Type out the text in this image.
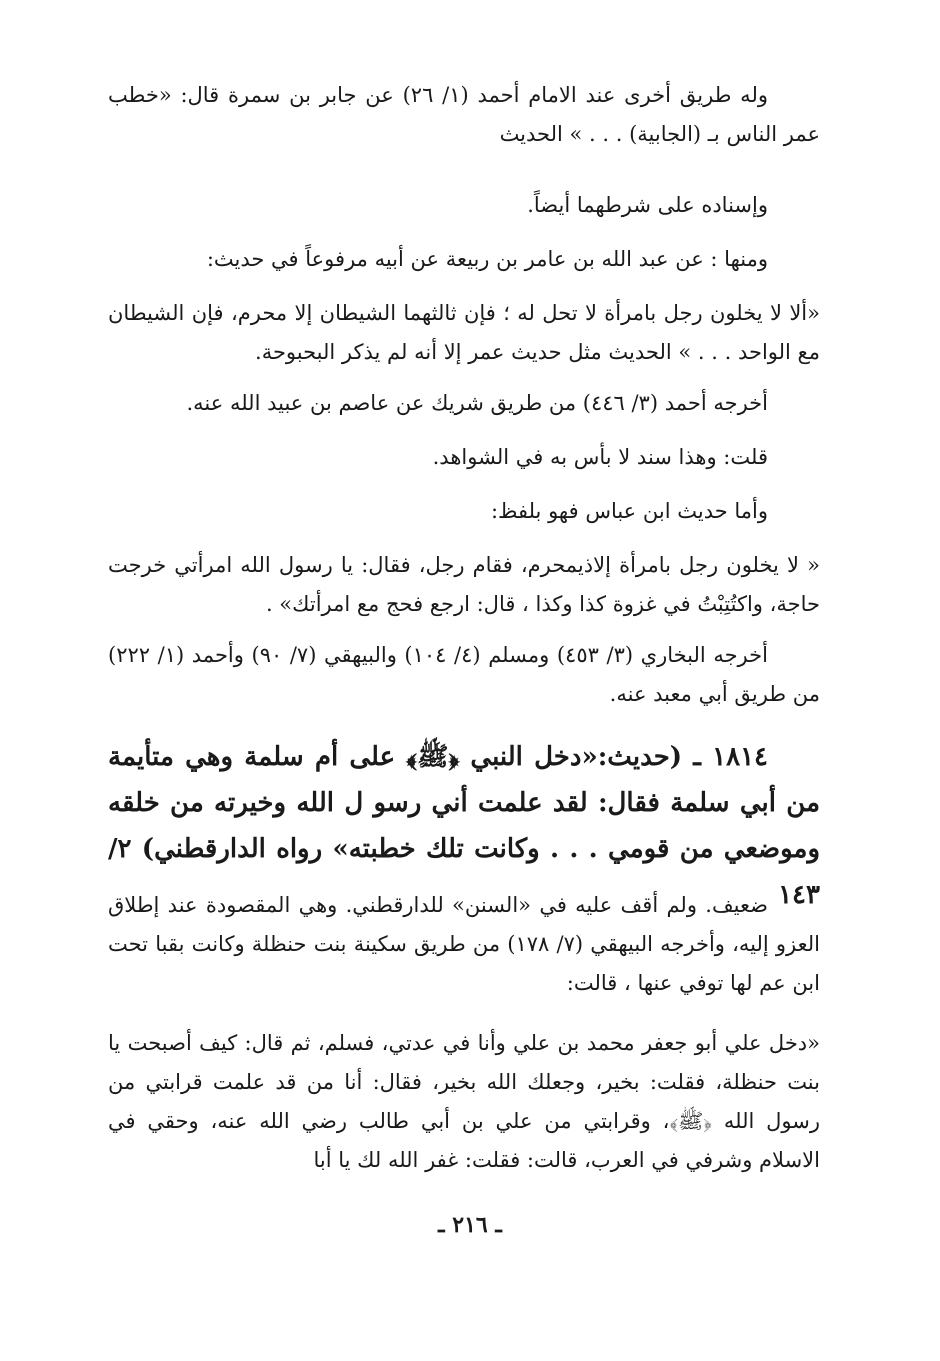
وله طريق أخرى عند الامام أحمد (١/ ٢٦) عن جابر بن سمرة قال: «خطب عمر الناس بـ (الجابية) . . . » الحديث

وإسناده على شرطهما أيضاً.

ومنها : عن عبد الله بن عامر بن ربيعة عن أبيه مرفوعاً في حديث:

«ألا لا يخلون رجل بامرأة لا تحل له ؛ فإن ثالثهما الشيطان إلا محرم، فإن الشيطان مع الواحد . . . » الحديث مثل حديث عمر إلا أنه لم يذكر البحبوحة.

أخرجه أحمد (٣/ ٤٤٦) من طريق شريك عن عاصم بن عبيد الله عنه.

قلت: وهذا سند لا بأس به في الشواهد.

وأما حديث ابن عباس فهو بلفظ:

« لا يخلون رجل بامرأة إلاذيمحرم، فقام رجل، فقال: يا رسول الله امرأتي خرجت حاجة، واكتُتِبْتُ في غزوة كذا وكذا ، قال: ارجع فحج مع امرأتك» .

أخرجه البخاري (٣/ ٤٥٣) ومسلم (٤/ ١٠٤) والبيهقي (٧/ ٩٠) وأحمد (١/ ٢٢٢) من طريق أبي معبد عنه.

١٨١٤ ـ (حديث:«دخل النبي ﴿ﷺ﴾ على أم سلمة وهي متأيمة من أبي سلمة فقال: لقد علمت أني رسو ل الله وخيرته من خلقه وموضعي من قومي . . . وكانت تلك خطبته» رواه الدارقطني) ٢/ ١٤٣

ضعيف. ولم أقف عليه في «السنن» للدارقطني. وهي المقصودة عند إطلاق العزو إليه، وأخرجه البيهقي (٧/ ١٧٨) من طريق سكينة بنت حنظلة وكانت بقبا تحت ابن عم لها توفي عنها ، قالت:

«دخل علي أبو جعفر محمد بن علي وأنا في عدتي، فسلم، ثم قال: كيف أصبحت يا بنت حنظلة، فقلت: بخير، وجعلك الله بخير، فقال: أنا من قد علمت قرابتي من رسول الله ﴿ﷺ﴾، وقرابتي من علي بن أبي طالب رضي الله عنه، وحقي في الاسلام وشرفي في العرب، قالت: فقلت: غفر الله لك يا أبا

ـ ٢١٦ ـ
